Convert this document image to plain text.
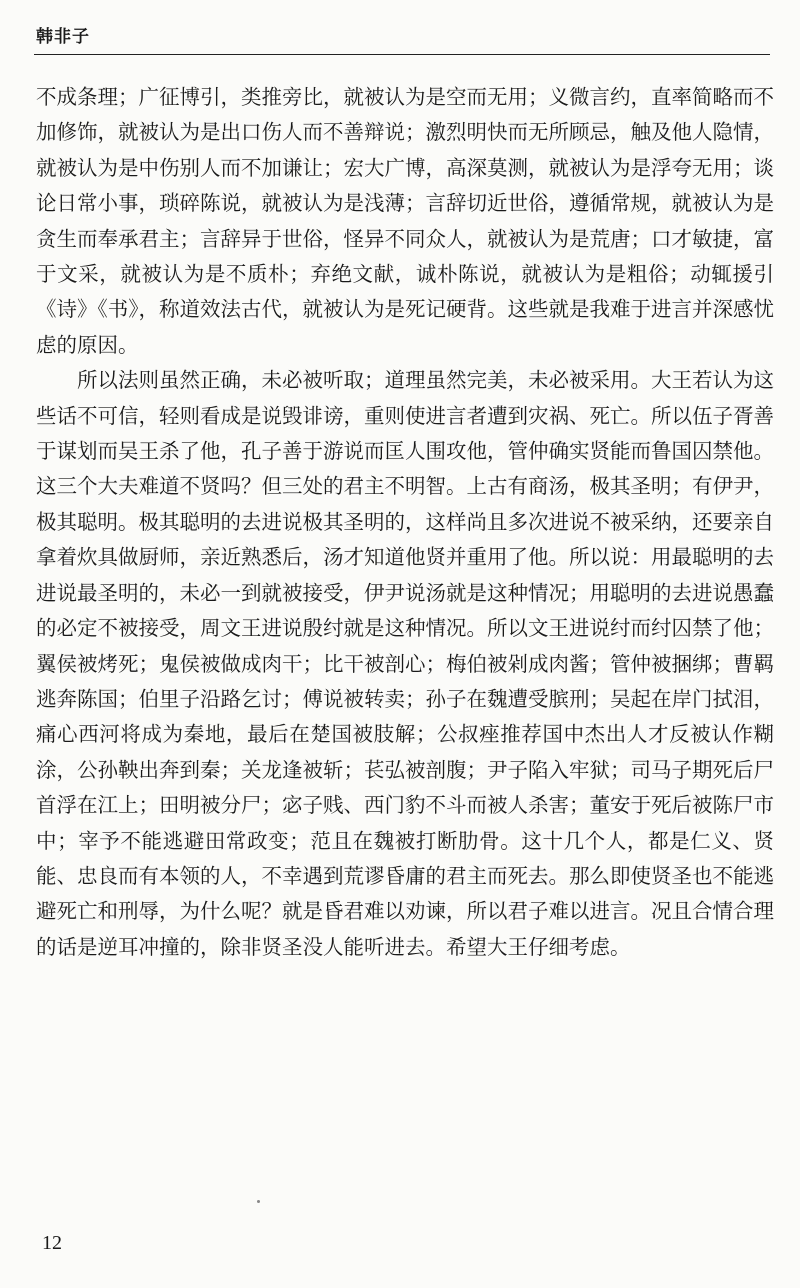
韩非子

不成条理；广征博引，类推旁比，就被认为是空而无用；义微言约，直率简略而不加修饰，就被认为是出口伤人而不善辩说；激烈明快而无所顾忌，触及他人隐情，就被认为是中伤别人而不加谦让；宏大广博，高深莫测，就被认为是浮夸无用；谈论日常小事，琐碎陈说，就被认为是浅薄；言辞切近世俗，遵循常规，就被认为是贪生而奉承君主；言辞异于世俗，怪异不同众人，就被认为是荒唐；口才敏捷，富于文采，就被认为是不质朴；弃绝文献，诚朴陈说，就被认为是粗俗；动辄援引《诗》《书》，称道效法古代，就被认为是死记硬背。这些就是我难于进言并深感忧虑的原因。

所以法则虽然正确，未必被听取；道理虽然完美，未必被采用。大王若认为这些话不可信，轻则看成是说毁诽谤，重则使进言者遭到灾祸、死亡。所以伍子胥善于谋划而吴王杀了他，孔子善于游说而匡人围攻他，管仲确实贤能而鲁国囚禁他。这三个大夫难道不贤吗？但三处的君主不明智。上古有商汤，极其圣明；有伊尹，极其聪明。极其聪明的去进说极其圣明的，这样尚且多次进说不被采纳，还要亲自拿着炊具做厨师，亲近熟悉后，汤才知道他贤并重用了他。所以说：用最聪明的去进说最圣明的，未必一到就被接受，伊尹说汤就是这种情况；用聪明的去进说愚蠢的必定不被接受，周文王进说殷纣就是这种情况。所以文王进说纣而纣囚禁了他；翼侯被烤死；鬼侯被做成肉干；比干被剖心；梅伯被剁成肉酱；管仲被捆绑；曹羁逃奔陈国；伯里子沿路乞讨；傅说被转卖；孙子在魏遭受膑刑；吴起在岸门拭泪，痛心西河将成为秦地，最后在楚国被肢解；公叔痤推荐国中杰出人才反被认作糊涂，公孙鞅出奔到秦；关龙逢被斩；苌弘被剖腹；尹子陷入牢狱；司马子期死后尸首浮在江上；田明被分尸；宓子贱、西门豹不斗而被人杀害；董安于死后被陈尸市中；宰予不能逃避田常政变；范且在魏被打断肋骨。这十几个人，都是仁义、贤能、忠良而有本领的人，不幸遇到荒谬昏庸的君主而死去。那么即使贤圣也不能逃避死亡和刑辱，为什么呢？就是昏君难以劝谏，所以君子难以进言。况且合情合理的话是逆耳冲撞的，除非贤圣没人能听进去。希望大王仔细考虑。

12
